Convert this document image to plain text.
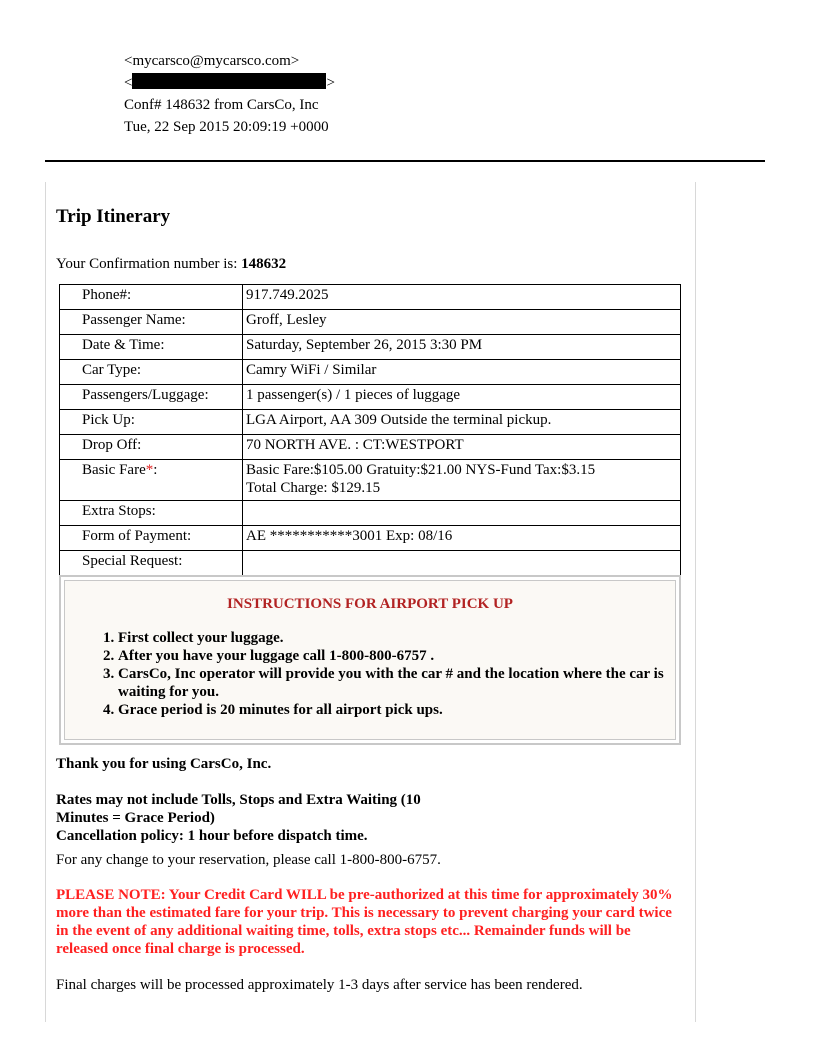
<mycarsco@mycarsco.com>
<	>
Conf# 148632 from CarsCo, Inc
Tue, 22 Sep 2015 20:09:19 +0000
Trip Itinerary
Your Confirmation number is: 148632
Phone#:	917.749.2025
Passenger Name:	Groff, Lesley
Date & Time:	Saturday, September 26, 2015 3:30 PM
Car Type:	Camry WiFi / Similar
Passengers/Luggage:	1 passenger(s) / 1 pieces of luggage
Pick Up:	LGA Airport, AA 309 Outside the terminal pickup.
Drop Off:	70 NORTH AVE. : CT:WESTPORT
Basic Fare*:	Basic Fare:$105.00 Gratuity:$21.00 NYS-Fund Tax:$3.15
Total Charge: $129.15

Extra Stops:	
Form of Payment:	AE ***********3001 Exp: 08/16
Special Request:	
INSTRUCTIONS FOR AIRPORT PICK UP
1. First collect your luggage.
2. After you have your luggage call 1-800-800-6757 .
3. CarsCo, Inc operator will provide you with the car # and the location where the car is waiting for you.
4. Grace period is 20 minutes for all airport pick ups.
Thank you for using CarsCo, Inc.
Rates may not include Tolls, Stops and Extra Waiting (10 Minutes = Grace Period)
Cancellation policy: 1 hour before dispatch time.
For any change to your reservation, please call 1-800-800-6757.
PLEASE NOTE: Your Credit Card WILL be pre-authorized at this time for approximately 30% more than the estimated fare for your trip. This is necessary to prevent charging your card twice in the event of any additional waiting time, tolls, extra stops etc... Remainder funds will be released once final charge is processed.
Final charges will be processed approximately 1-3 days after service has been rendered.
